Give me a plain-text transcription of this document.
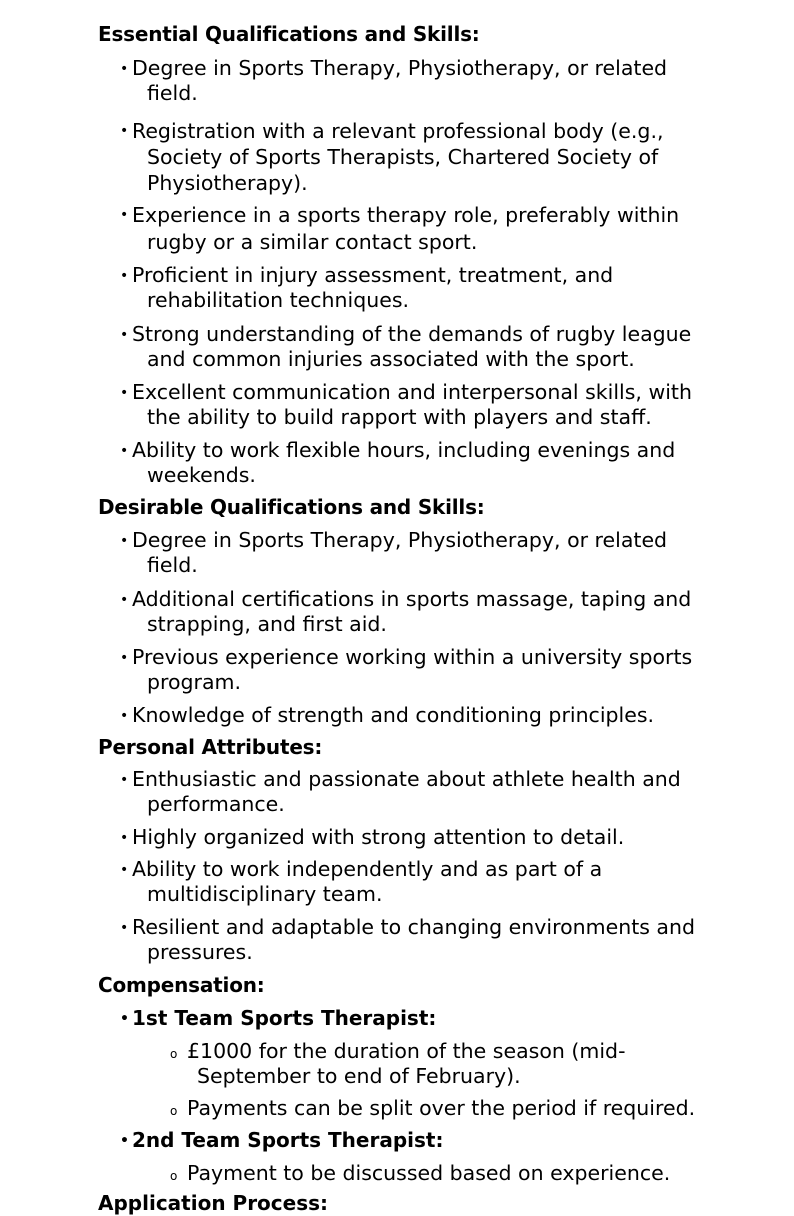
Essential Qualifications and Skills:
• Degree in Sports Therapy, Physiotherapy, or related
field.
• Registration with a relevant professional body (e.g.,
Society of Sports Therapists, Chartered Society of
Physiotherapy).
• Experience in a sports therapy role, preferably within
rugby or a similar contact sport.
• Proficient in injury assessment, treatment, and
rehabilitation techniques.
• Strong understanding of the demands of rugby league
and common injuries associated with the sport.
• Excellent communication and interpersonal skills, with
the ability to build rapport with players and staff.
• Ability to work flexible hours, including evenings and
weekends.
Desirable Qualifications and Skills:
• Degree in Sports Therapy, Physiotherapy, or related
field.
• Additional certifications in sports massage, taping and
strapping, and first aid.
• Previous experience working within a university sports
program.
• Knowledge of strength and conditioning principles.
Personal Attributes:
• Enthusiastic and passionate about athlete health and
performance.
• Highly organized with strong attention to detail.
• Ability to work independently and as part of a
multidisciplinary team.
• Resilient and adaptable to changing environments and
pressures.
Compensation:
• 1st Team Sports Therapist:
o £1000 for the duration of the season (mid-
September to end of February).
o Payments can be split over the period if required.
• 2nd Team Sports Therapist:
o Payment to be discussed based on experience.
Application Process:
